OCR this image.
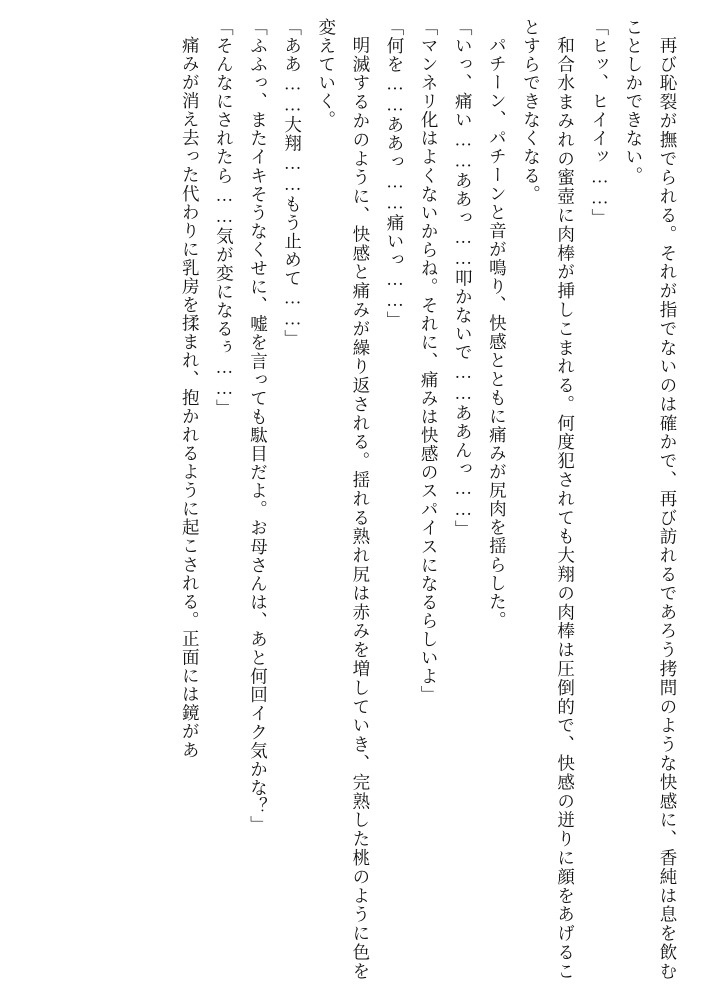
再び恥裂が撫でられる。それが指でないのは確かで、再び訪れるであろう拷問のような快感に、香純は息を飲むことしかできない。

「ヒッ、ヒイイッ……」

和合水まみれの蜜壺に肉棒が挿しこまれる。何度犯されても大翔の肉棒は圧倒的で、快感の迸りに顔をあげることすらできなくなる。

パチーン、パチーンと音が鳴り、快感とともに痛みが尻肉を揺らした。

「いっ、痛い……ああっ……叩かないで……ああんっ……」

「マンネリ化はよくないからね。それに、痛みは快感のスパイスになるらしいよ」

「何を……ああっ……痛いっ……」

明滅するかのように、快感と痛みが繰り返される。揺れる熟れ尻は赤みを増していき、完熟した桃のように色を変えていく。

「ああ……大翔……もう止めて……」

「ふふっ、またイキそうなくせに、嘘を言っても駄目だよ。お母さんは、あと何回イク気かな？」

「そんなにされたら……気が変になるぅ……」

痛みが消え去った代わりに乳房を揉まれ、抱かれるように起こされる。正面には鏡があ
